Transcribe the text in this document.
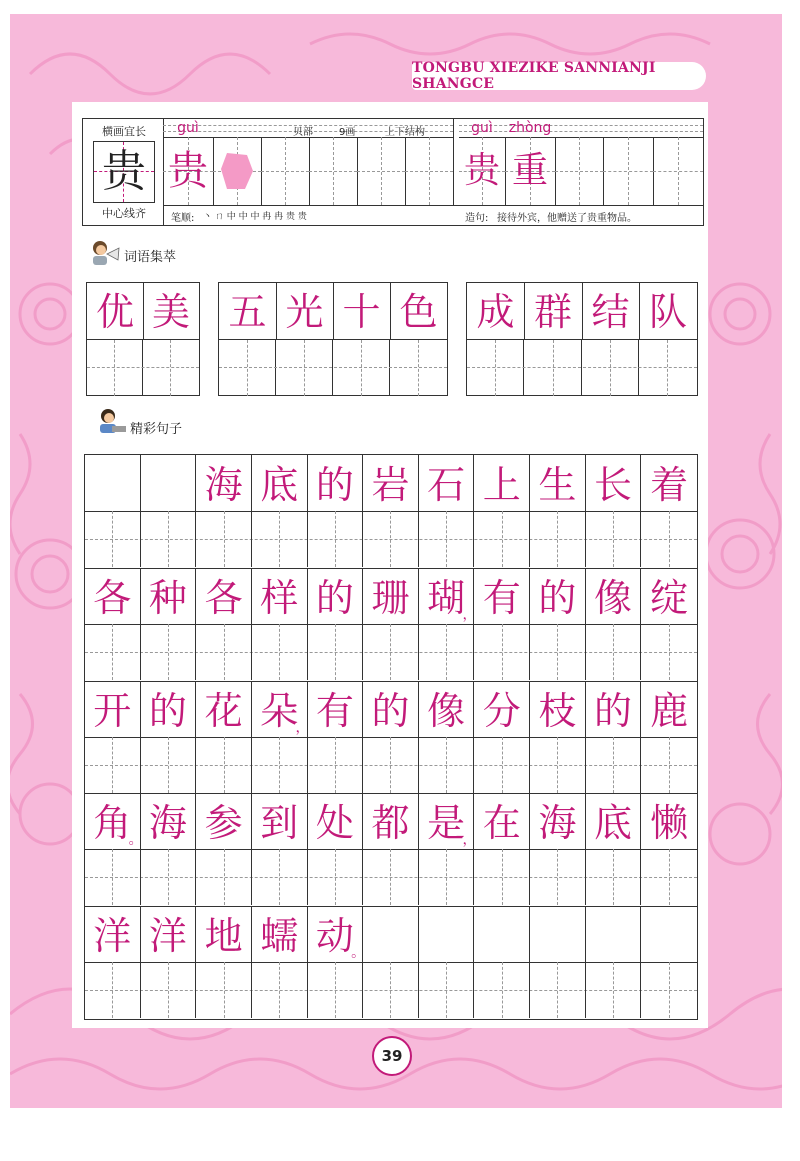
TONGBU XIEZIKE SANNIANJI SHANGCE
横画宜长
贵
中心线齐
guì	贝部	9画	上下结构
贵
guì	zhòng
贵 重
笔顺: 丶 ㄇ 中 中 中 冉 冉 贵 贵	造句: 接待外宾，他赠送了贵重物品。
词语集萃
优 美 五 光 十 色 成 群 结 队
精彩句子
海 底 的 岩 石 上 生 长 着
各 种 各 样 的 珊 瑚
， 有 的 像 绽
开 的 花 朵
， 有 的 像 分 枝 的 鹿
角
。 海 参 到 处 都 是
， 在 海 底 懒
洋 洋 地 蠕 动
。
39
